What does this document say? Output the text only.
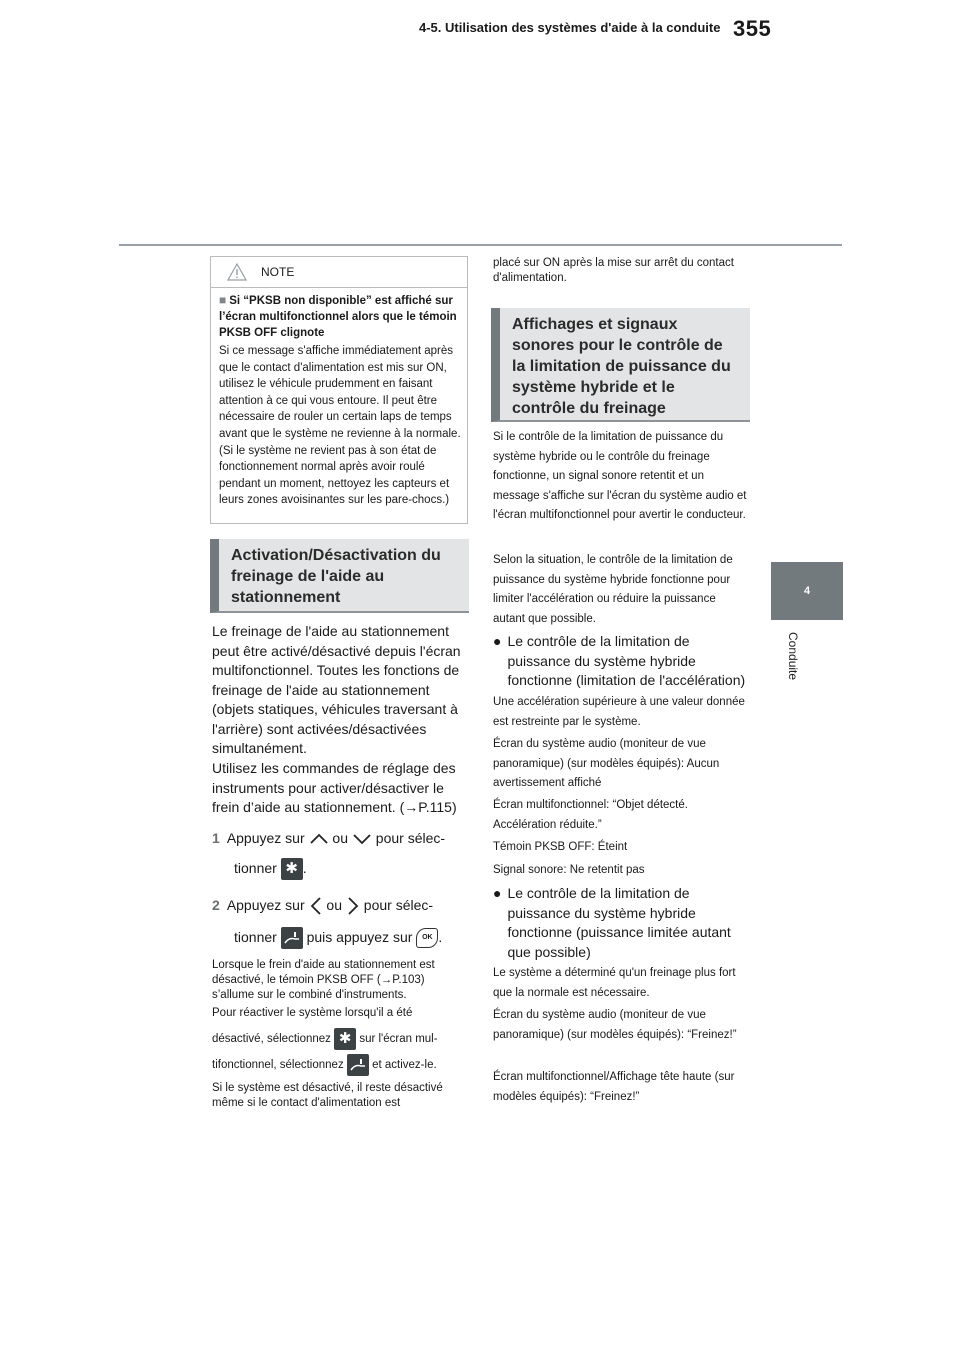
355
4-5. Utilisation des systèmes d'aide à la conduite
4
Conduite
NOTE
■ Si “PKSB non disponible” est affiché sur l’écran multifonctionnel alors que le témoin PKSB OFF clignote
Si ce message s'affiche immédiatement après que le contact d'alimentation est mis sur ON, utilisez le véhicule prudemment en faisant attention à ce qui vous entoure. Il peut être nécessaire de rouler un certain laps de temps avant que le système ne revienne à la normale. (Si le système ne revient pas à son état de fonctionnement normal après avoir roulé pendant un moment, nettoyez les capteurs et leurs zones avoisinantes sur les pare-chocs.)
Activation/Désactivation du freinage de l'aide au stationnement
Le freinage de l'aide au stationnement peut être activé/désactivé depuis l'écran multifonctionnel. Toutes les fonctions de freinage de l'aide au stationnement (objets statiques, véhicules traversant à l'arrière) sont activées/désactivées simultanément.
Utilisez les commandes de réglage des instruments pour activer/désactiver le frein d’aide au stationnement. (→P.115)
1 Appuyez sur ou pour sélec-
tionner ✱ .
2 Appuyez sur ou pour sélec-
tionner puis appuyez sur OK .
Lorsque le frein d'aide au stationnement est désactivé, le témoin PKSB OFF (→P.103) s’allume sur le combiné d'instruments.
Pour réactiver le système lorsqu'il a été
désactivé, sélectionnez ✱ sur l'écran mul-
tifonctionnel, sélectionnez et activez-le.
Si le système est désactivé, il reste désactivé même si le contact d'alimentation est
placé sur ON après la mise sur arrêt du contact d'alimentation.
Affichages et signaux sonores pour le contrôle de la limitation de puissance du système hybride et le contrôle du freinage
Si le contrôle de la limitation de puissance du système hybride ou le contrôle du freinage fonctionne, un signal sonore retentit et un message s'affiche sur l'écran du système audio et l'écran multifonctionnel pour avertir le conducteur.
Selon la situation, le contrôle de la limitation de puissance du système hybride fonctionne pour limiter l'accélération ou réduire la puissance autant que possible.
● Le contrôle de la limitation de puissance du système hybride fonctionne (limitation de l'accélération)
Une accélération supérieure à une valeur donnée est restreinte par le système.
Écran du système audio (moniteur de vue panoramique) (sur modèles équipés): Aucun avertissement affiché
Écran multifonctionnel: “Objet détecté. Accélération réduite.”
Témoin PKSB OFF: Éteint
Signal sonore: Ne retentit pas
● Le contrôle de la limitation de puissance du système hybride fonctionne (puissance limitée autant que possible)
Le système a déterminé qu'un freinage plus fort que la normale est nécessaire.
Écran du système audio (moniteur de vue panoramique) (sur modèles équipés): “Freinez!”
Écran multifonctionnel/Affichage tête haute (sur modèles équipés): “Freinez!”
